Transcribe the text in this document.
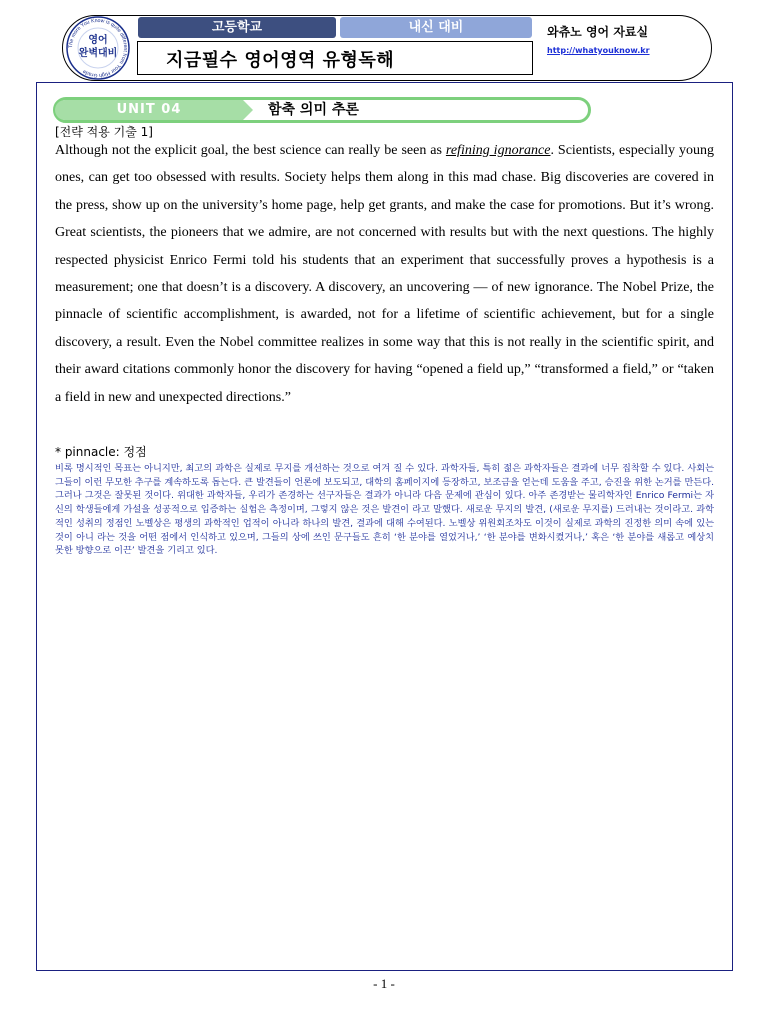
The more You Know is quite different from Your High Grade
영어
완벽대비
고등학교	내신 대비
지금필수 영어영역 유형독해
와츄노 영어 자료실
http://whatyouknow.kr
UNIT 04	함축 의미 추론
[전략 적용 기출 1]

Although not the explicit goal, the best science can really be seen as refining ignorance. Scientists, especially young ones, can get too obsessed with results. Society helps them along in this mad chase. Big discoveries are covered in the press, show up on the university’s home page, help get grants, and make the case for promotions. But it’s wrong. Great scientists, the pioneers that we admire, are not concerned with results but with the next questions. The highly respected physicist Enrico Fermi told his students that an experiment that successfully proves a hypothesis is a measurement; one that doesn’t is a discovery. A discovery, an uncovering — of new ignorance. The Nobel Prize, the pinnacle of scientific accomplishment, is awarded, not for a lifetime of scientific achievement, but for a single discovery, a result. Even the Nobel committee realizes in some way that this is not really in the scientific spirit, and their award citations commonly honor the discovery for having “opened a field up,” “transformed a field,” or “taken a field in new and unexpected directions.”

* pinnacle: 정점

비록 명시적인 목표는 아니지만, 최고의 과학은 실제로 무지를 개선하는 것으로 여겨 질 수 있다. 과학자들, 특히 젊은 과학자들은 결과에 너무 집착할 수 있다. 사회는 그들이 이런 무모한 추구를 계속하도록 돕는다. 큰 발견들이 언론에 보도되고, 대학의 홈페이지에 등장하고, 보조금을 얻는데 도움을 주고, 승진을 위한 논거를 만든다. 그러나 그것은 잘못된 것이다. 위대한 과학자들, 우리가 존경하는 선구자들은 결과가 아니라 다음 문제에 관심이 있다. 아주 존경받는 물리학자인 Enrico Fermi는 자신의 학생들에게 가설을 성공적으로 입증하는 실험은 측정이며, 그렇지 않은 것은 발견이 라고 말했다. 새로운 무지의 발견, (새로운 무지를) 드러내는 것이라고. 과학적인 성취의 정점인 노벨상은 평생의 과학적인 업적이 아니라 하나의 발견, 결과에 대해 수여된다. 노벨상 위원회조차도 이것이 실제로 과학의 진정한 의미 속에 있는 것이 아니 라는 것을 어떤 점에서 인식하고 있으며, 그들의 상에 쓰인 문구들도 흔히 ‘한 분야를 열었거나,’ ‘한 분야를 변화시켰거나,’ 혹은 ‘한 분야를 새롭고 예상치 못한 방향으로 이끈’ 발견을 기리고 있다.

- 1 -
